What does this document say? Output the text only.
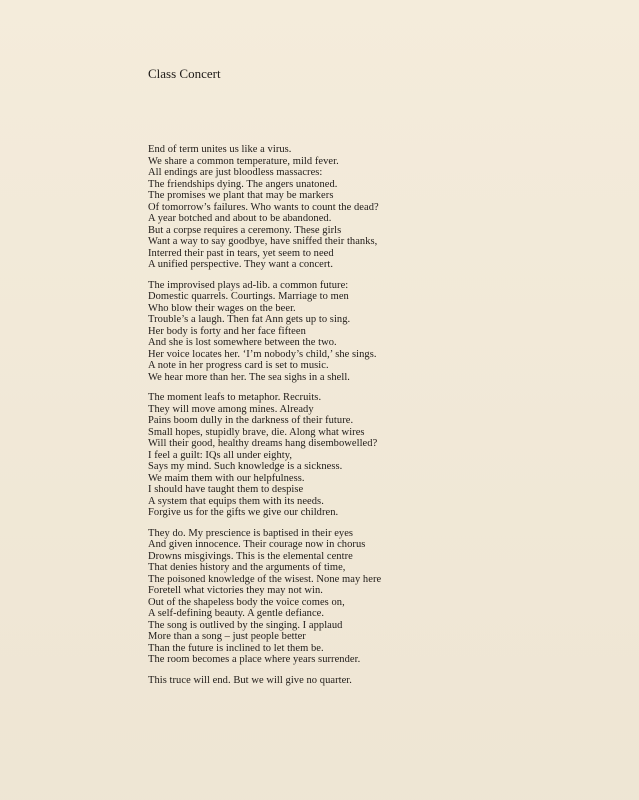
Class Concert
End of term unites us like a virus.
We share a common temperature, mild fever.
All endings are just bloodless massacres:
The friendships dying. The angers unatoned.
The promises we plant that may be markers
Of tomorrow’s failures. Who wants to count the dead?
A year botched and about to be abandoned.
But a corpse requires a ceremony. These girls
Want a way to say goodbye, have sniffed their thanks,
Interred their past in tears, yet seem to need
A unified perspective. They want a concert.
The improvised plays ad-lib. a common future:
Domestic quarrels. Courtings. Marriage to men
Who blow their wages on the beer.
Trouble’s a laugh. Then fat Ann gets up to sing.
Her body is forty and her face fifteen
And she is lost somewhere between the two.
Her voice locates her. ‘I’m nobody’s child,’ she sings.
A note in her progress card is set to music.
We hear more than her. The sea sighs in a shell.
The moment leafs to metaphor. Recruits.
They will move among mines. Already
Pains boom dully in the darkness of their future.
Small hopes, stupidly brave, die. Along what wires
Will their good, healthy dreams hang disembowelled?
I feel a guilt: IQs all under eighty,
Says my mind. Such knowledge is a sickness.
We maim them with our helpfulness.
I should have taught them to despise
A system that equips them with its needs.
Forgive us for the gifts we give our children.
They do. My prescience is baptised in their eyes
And given innocence. Their courage now in chorus
Drowns misgivings. This is the elemental centre
That denies history and the arguments of time,
The poisoned knowledge of the wisest. None may here
Foretell what victories they may not win.
Out of the shapeless body the voice comes on,
A self-defining beauty. A gentle defiance.
The song is outlived by the singing. I applaud
More than a song – just people better
Than the future is inclined to let them be.
The room becomes a place where years surrender.
This truce will end. But we will give no quarter.
